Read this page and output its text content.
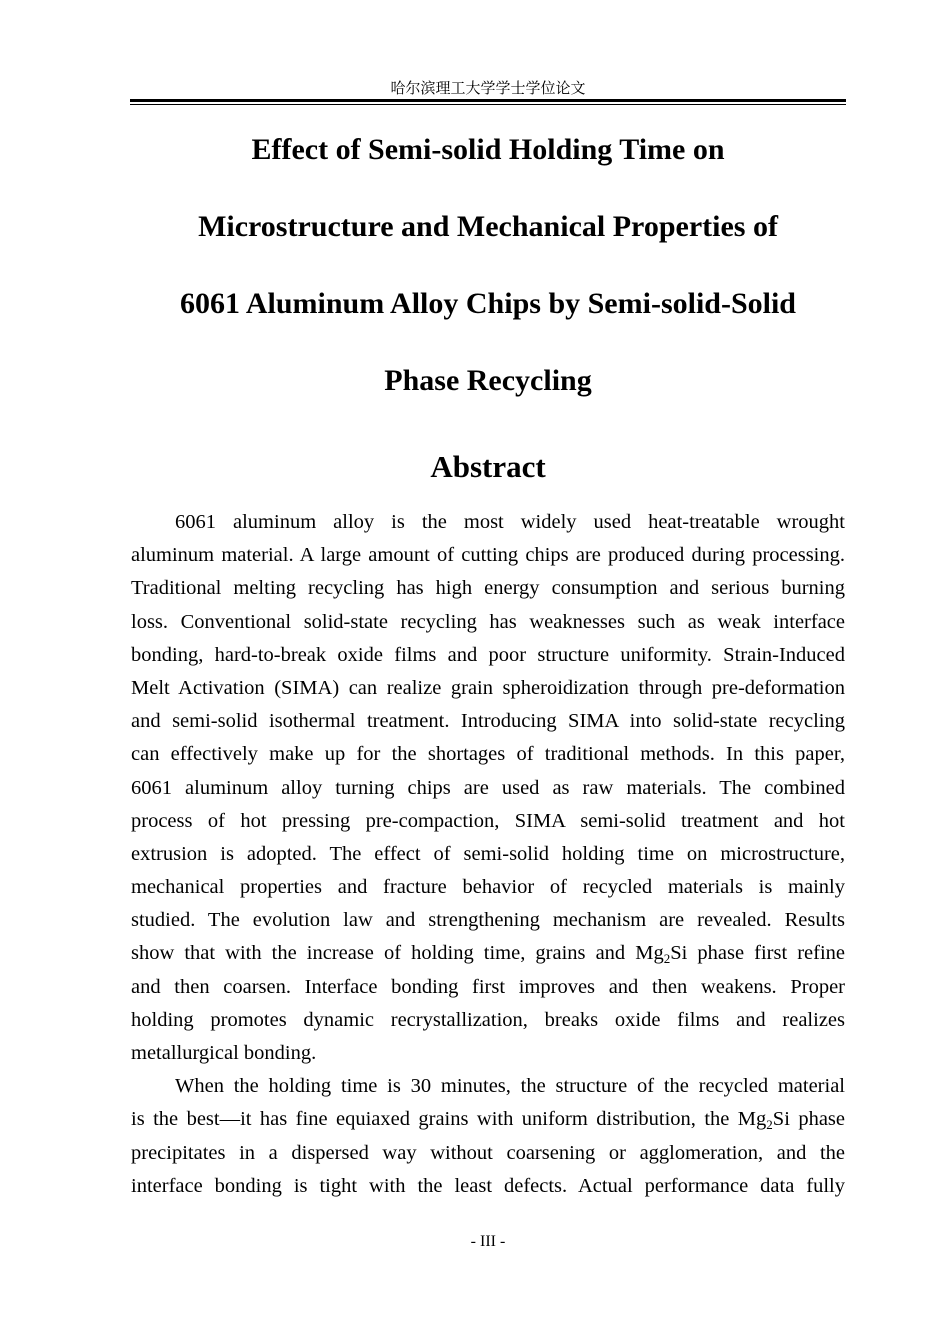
哈尔滨理工大学学士学位论文
Effect of Semi-solid Holding Time on
Microstructure and Mechanical Properties of
6061 Aluminum Alloy Chips by Semi-solid-Solid
Phase Recycling
Abstract
6061 aluminum alloy is the most widely used heat-treatable wrought
aluminum material. A large amount of cutting chips are produced during processing.
Traditional melting recycling has high energy consumption and serious burning
loss. Conventional solid-state recycling has weaknesses such as weak interface
bonding, hard-to-break oxide films and poor structure uniformity. Strain-Induced
Melt Activation (SIMA) can realize grain spheroidization through pre-deformation
and semi-solid isothermal treatment. Introducing SIMA into solid-state recycling
can effectively make up for the shortages of traditional methods. In this paper,
6061 aluminum alloy turning chips are used as raw materials. The combined
process of hot pressing pre-compaction, SIMA semi-solid treatment and hot
extrusion is adopted. The effect of semi-solid holding time on microstructure,
mechanical properties and fracture behavior of recycled materials is mainly
studied. The evolution law and strengthening mechanism are revealed. Results
show that with the increase of holding time, grains and $Mg_2Si$ phase first refine
and then coarsen. Interface bonding first improves and then weakens. Proper
holding promotes dynamic recrystallization, breaks oxide films and realizes
metallurgical bonding.
When the holding time is 30 minutes, the structure of the recycled material
is the best—it has fine equiaxed grains with uniform distribution, the $Mg_2Si$ phase
precipitates in a dispersed way without coarsening or agglomeration, and the
interface bonding is tight with the least defects. Actual performance data fully
- III -
